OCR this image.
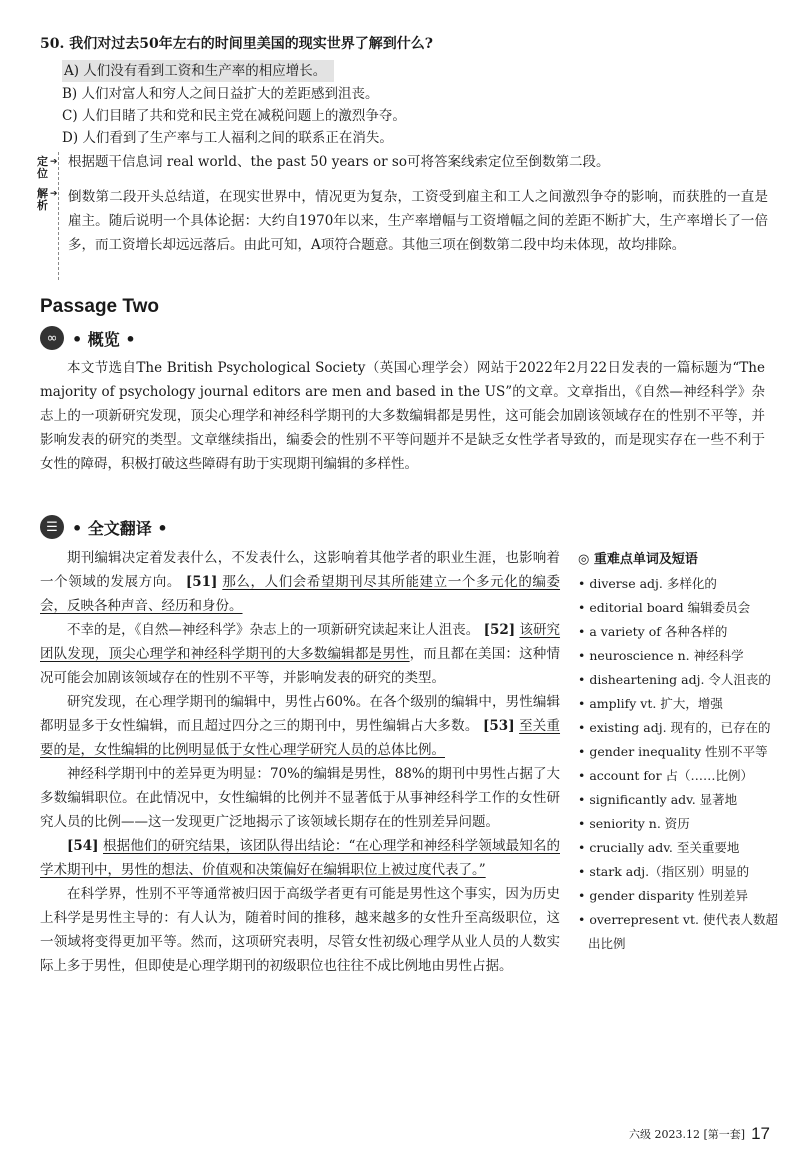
50. 我们对过去50年左右的时间里美国的现实世界了解到什么?
A) 人们没有看到工资和生产率的相应增长。
B) 人们对富人和穷人之间日益扩大的差距感到沮丧。
C) 人们目睹了共和党和民主党在减税问题上的激烈争夺。
D) 人们看到了生产率与工人福利之间的联系正在消失。
定位
➔ 根据题干信息词 real world、the past 50 years or so可将答案线索定位至倒数第二段。
解析
➔ 倒数第二段开头总结道，在现实世界中，情况更为复杂，工资受到雇主和工人之间激烈争夺的影响，而获胜的一直是雇主。随后说明一个具体论据：大约自1970年以来，生产率增幅与工资增幅之间的差距不断扩大，生产率增长了一倍多，而工资增长却远远落后。由此可知，A项符合题意。其他三项在倒数第二段中均未体现，故均排除。
Passage Two
∞ • 概览 •

本文节选自The British Psychological Society（英国心理学会）网站于2022年2月22日发表的一篇标题为“The majority of psychology journal editors are men and based in the US”的文章。文章指出，《自然—神经科学》杂志上的一项新研究发现，顶尖心理学和神经科学期刊的大多数编辑都是男性，这可能会加剧该领域存在的性别不平等，并影响发表的研究的类型。文章继续指出，编委会的性别不平等问题并不是缺乏女性学者导致的，而是现实存在一些不利于女性的障碍，积极打破这些障碍有助于实现期刊编辑的多样性。

☰ • 全文翻译 •

期刊编辑决定着发表什么，不发表什么，这影响着其他学者的职业生涯，也影响着一个领域的发展方向。 [51] 那么，人们会希望期刊尽其所能建立一个多元化的编委会，反映各种声音、经历和身份。

不幸的是，《自然—神经科学》杂志上的一项新研究读起来让人沮丧。 [52] 该研究团队发现，顶尖心理学和神经科学期刊的大多数编辑都是男性，而且都在美国：这种情况可能会加剧该领域存在的性别不平等，并影响发表的研究的类型。

研究发现，在心理学期刊的编辑中，男性占60%。在各个级别的编辑中，男性编辑都明显多于女性编辑，而且超过四分之三的期刊中，男性编辑占大多数。 [53] 至关重要的是，女性编辑的比例明显低于女性心理学研究人员的总体比例。

神经科学期刊中的差异更为明显：70%的编辑是男性，88%的期刊中男性占据了大多数编辑职位。在此情况中，女性编辑的比例并不显著低于从事神经科学工作的女性研究人员的比例——这一发现更广泛地揭示了该领域长期存在的性别差异问题。

[54] 根据他们的研究结果，该团队得出结论：“在心理学和神经科学领域最知名的学术期刊中，男性的想法、价值观和决策偏好在编辑职位上被过度代表了。”

在科学界，性别不平等通常被归因于高级学者更有可能是男性这个事实，因为历史上科学是男性主导的：有人认为，随着时间的推移，越来越多的女性升至高级职位，这一领域将变得更加平等。然而，这项研究表明，尽管女性初级心理学从业人员的人数实际上多于男性，但即使是心理学期刊的初级职位也往往不成比例地由男性占据。

◎ 重难点单词及短语
• diverse adj. 多样化的
• editorial board 编辑委员会
• a variety of 各种各样的
• neuroscience n. 神经科学
• disheartening adj. 令人沮丧的
• amplify vt. 扩大，增强
• existing adj. 现有的，已存在的
• gender inequality 性别不平等
• account for 占（……比例）
• significantly adv. 显著地
• seniority n. 资历
• crucially adv. 至关重要地
• stark adj.（指区别）明显的
• gender disparity 性别差异
• overrepresent vt. 使代表人数超出比例
六级 2023.12 [第一套] 17
